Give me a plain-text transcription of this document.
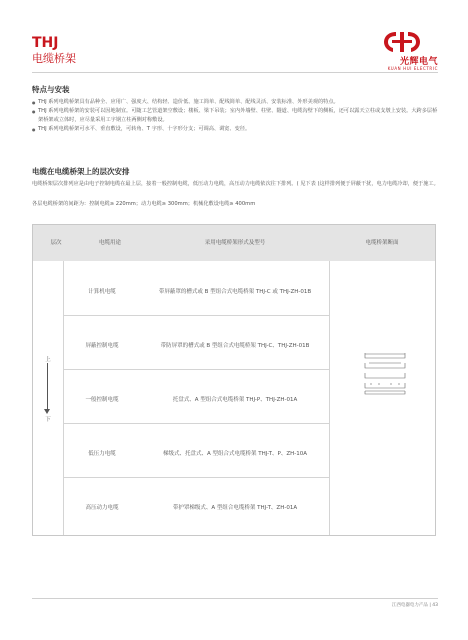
THJ
电缆桥架	光辉电气
KUAN HUI ELECTRIC
特点与安装
● THJ 系列电缆桥架具有品种全、应用广、强度大、结构轻、造价低、施工简单、配线简单、配线灵活、安装标准、外形美观的特点。
● THJ 系列电缆桥架的安装可以因地制宜。可随工艺管道架空敷设；楼板、梁下吊装；室内外墙壁、柱壁、隧道、电缆沟壁下的侧板，还可以露天立柱或支墩上安装。大跨多层桥架桥架或立体时，应尽量采用工字钢立柱两侧对称敷设。
● THJ 系列电缆桥架可水平、垂直敷设，可转角、T 字形、十字形分支；可调高、调宽、变径。
电缆在电缆桥架上的层次安排
电缆桥架层次排列应是由电子控制电缆在最上层，接着一般控制电缆，低压动力电缆，高压动力电缆依次往下排列。( 见下表 )这样排列便于屏蔽干扰，电力电缆冷却，便于施工。
各层电缆桥架的间距为：控制电缆≥ 220mm；动力电缆≥ 300mm；机械化敷设电缆≥ 400mm
层次	电缆用途	采用电缆桥架形式及型号	电缆桥架断面
上
下
计算机电缆	带屏蔽罩的槽式或 B 型组合式电缆桥架 THJ-C 或 THJ-ZH-01B
屏蔽控制电缆	带防屏罩的槽式或 B 型组合式电缆桥架 THJ-C、THJ-ZH-01B
一般控制电缆	托盘式、A 型组合式电缆桥架 THJ-P、THJ-ZH-01A
低压力电缆	梯级式、托盘式、A 型组合式电缆桥架 THJ-T、P、ZH-10A
高压动力电缆	带护罩梯级式、A 型组合电缆桥架 THJ-T、ZH-01A
江西电器电力产品 | 43
